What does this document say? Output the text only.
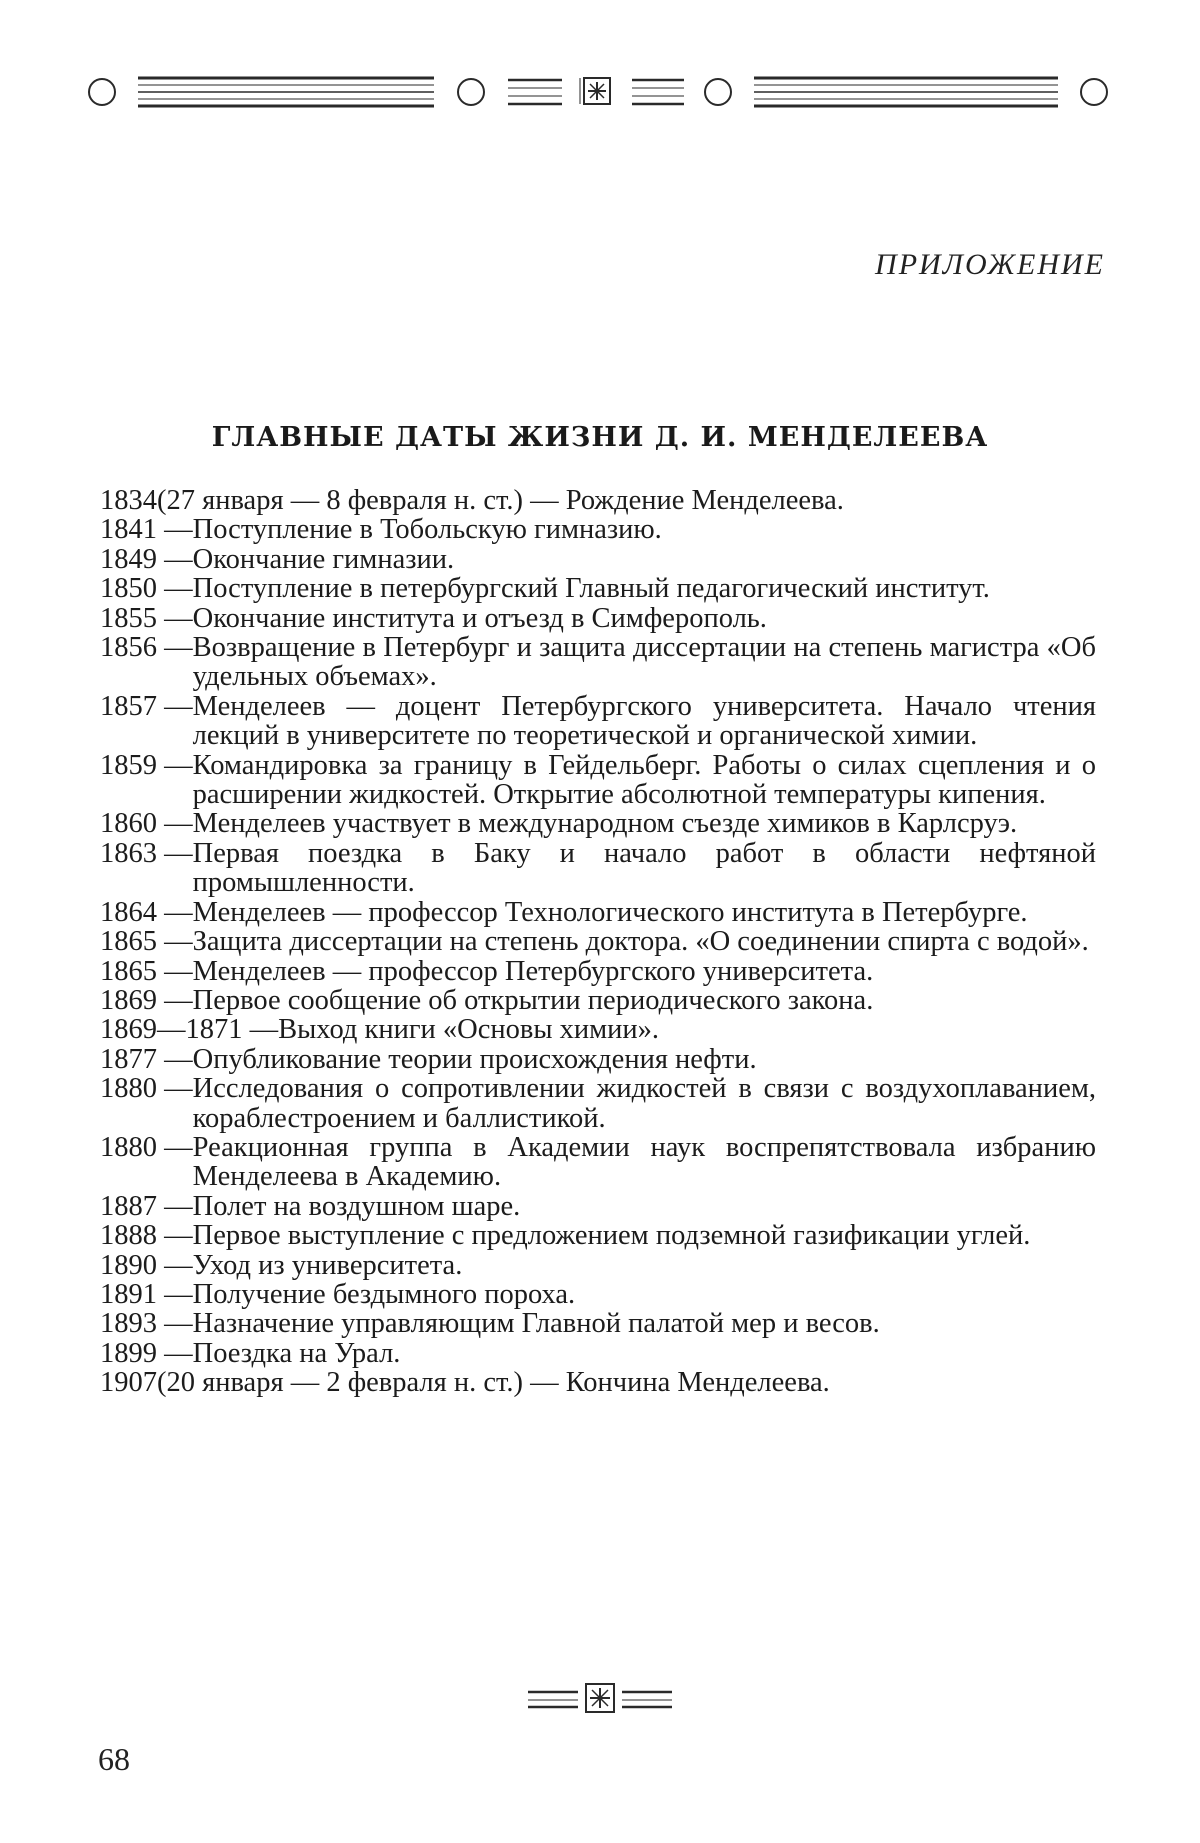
ПРИЛОЖЕНИЕ
ГЛАВНЫЕ ДАТЫ ЖИЗНИ Д. И. МЕНДЕЛЕЕВА
1834 (27 января — 8 февраля н. ст.) — Рождение Менделеева.
1841 — Поступление в Тобольскую гимназию.
1849 — Окончание гимназии.
1850 — Поступление в петербургский Главный педагогический институт.
1855 — Окончание института и отъезд в Симферополь.
1856 — Возвращение в Петербург и защита диссертации на степень магистра «Об удельных объемах».
1857 — Менделеев — доцент Петербургского университета. Начало чтения лекций в университете по теоретической и органической химии.
1859 — Командировка за границу в Гейдельберг. Работы о силах сцепления и о расширении жидкостей. Открытие абсолютной температуры кипения.
1860 — Менделеев участвует в международном съезде химиков в Карлсруэ.
1863 — Первая поездка в Баку и начало работ в области нефтяной промышленности.
1864 — Менделеев — профессор Технологического института в Петербурге.
1865 — Защита диссертации на степень доктора. «О соединении спирта с водой».
1865 — Менделеев — профессор Петербургского университета.
1869 — Первое сообщение об открытии периодического закона.
1869—1871 — Выход книги «Основы химии».
1877 — Опубликование теории происхождения нефти.
1880 — Исследования о сопротивлении жидкостей в связи с воздухоплаванием, кораблестроением и баллистикой.
1880 — Реакционная группа в Академии наук воспрепятствовала избранию Менделеева в Академию.
1887 — Полет на воздушном шаре.
1888 — Первое выступление с предложением подземной газификации углей.
1890 — Уход из университета.
1891 — Получение бездымного пороха.
1893 — Назначение управляющим Главной палатой мер и весов.
1899 — Поездка на Урал.
1907 (20 января — 2 февраля н. ст.) — Кончина Менделеева.
68
